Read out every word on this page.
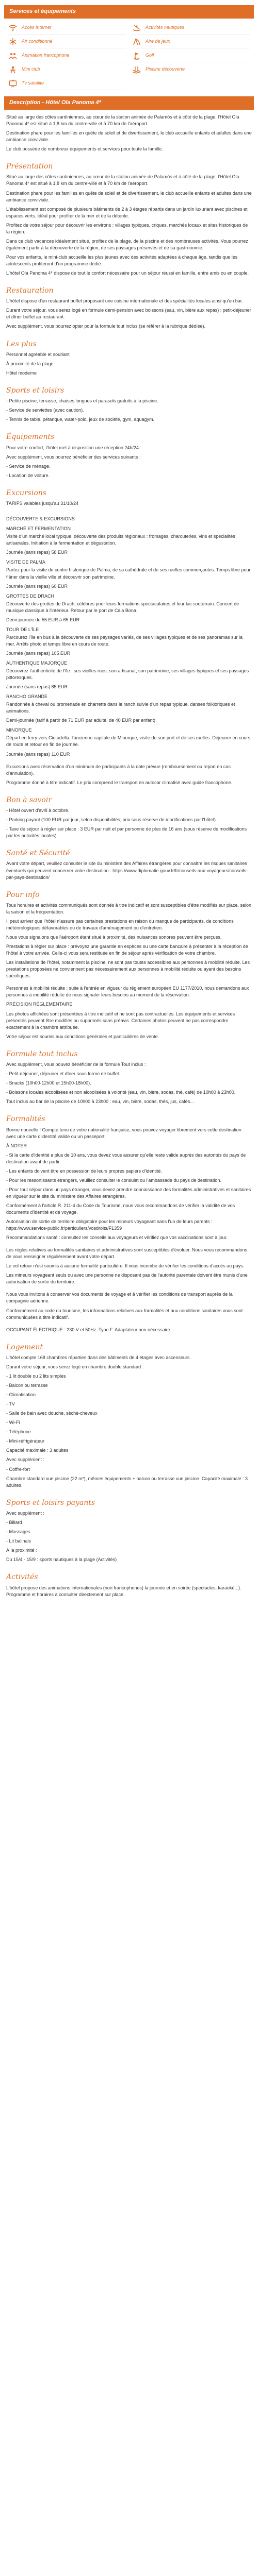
Services et équipements
Accès Internet	Activités nautiques
Air conditionné	Aire de jeux
Animation francophone	Golf
Mini club	Piscine découverte
Tv satellite
Description - Hôtel Ola Panoma 4*

Situé au large des côtes sardiniennes, au cœur de la station animée de Palamós et à côté de la plage, l'Hôtel Ola Panoma 4* est situé à 1,8 km du centre-ville et à 70 km de l'aéroport.

Destination phare pour les familles en quête de soleil et de divertissement, le club accueille enfants et adultes dans une ambiance conviviale.

Le club possède de nombreux équipements et services pour toute la famille.

Présentation

Situé au large des côtes sardiniennes, au cœur de la station animée de Palamós et à côté de la plage, l'Hôtel Ola Panoma 4* est situé à 1,8 km du centre-ville et à 70 km de l'aéroport.

Destination phare pour les familles en quête de soleil et de divertissement, le club accueille enfants et adultes dans une ambiance conviviale.

L'établissement est composé de plusieurs bâtiments de 2 à 3 étages répartis dans un jardin luxuriant avec piscines et espaces verts. Idéal pour profiter de la mer et de la détente.

Profitez de votre séjour pour découvrir les environs : villages typiques, criques, marchés locaux et sites historiques de la région.

Dans ce club vacances idéalement situé, profitez de la plage, de la piscine et des nombreuses activités. Vous pourrez également partir à la découverte de la région, de ses paysages préservés et de sa gastronomie.

Pour vos enfants, le mini-club accueille les plus jeunes avec des activités adaptées à chaque âge, tandis que les adolescents profiteront d'un programme dédié.

L'hôtel Ola Panoma 4* dispose de tout le confort nécessaire pour un séjour réussi en famille, entre amis ou en couple.

Restauration

L'hôtel dispose d'un restaurant buffet proposant une cuisine internationale et des spécialités locales ainsi qu'un bar.

Durant votre séjour, vous serez logé en formule demi-pension avec boissons (eau, vin, bière aux repas) : petit-déjeuner et dîner buffet au restaurant.

Avec supplément, vous pourrez opter pour la formule tout inclus (se référer à la rubrique dédiée).

Les plus

Personnel agréable et souriant

À proximité de la plage

Hôtel moderne

Sports et loisirs

- Petite piscine, terrasse, chaises longues et parasols gratuits à la piscine.

- Service de serviettes (avec caution).

- Tennis de table, pétanque, water-polo, jeux de société, gym, aquagym.

Équipements

Pour votre confort, l'hôtel met à disposition une réception 24h/24.

Avec supplément, vous pourrez bénéficier des services suivants :

- Service de ménage.

- Location de voiture.

Excursions

TARIFS valables jusqu'au 31/10/24

DÉCOUVERTE & EXCURSIONS
MARCHÉ ET FERMENTATION

Visite d'un marché local typique, découverte des produits régionaux : fromages, charcuteries, vins et spécialités artisanales. Initiation à la fermentation et dégustation.

Journée (sans repas) 58 EUR

VISITE DE PALMA

Partez pour la visite du centre historique de Palma, de sa cathédrale et de ses ruelles commerçantes. Temps libre pour flâner dans la vieille ville et découvrir son patrimoine.

Journée (sans repas) 60 EUR

GROTTES DE DRACH

Découverte des grottes de Drach, célèbres pour leurs formations spectaculaires et leur lac souterrain. Concert de musique classique à l'intérieur. Retour par le port de Cala Bona.

Demi-journée de 55 EUR à 65 EUR

TOUR DE L'ÎLE

Parcourez l'île en bus à la découverte de ses paysages variés, de ses villages typiques et de ses panoramas sur la mer. Arrêts photo et temps libre en cours de route.

Journée (sans repas) 105 EUR

AUTHENTIQUE MAJORQUE

Découvrez l'authenticité de l'île : ses vieilles rues, son artisanat, son patrimoine, ses villages typiques et ses paysages pittoresques.

Journée (sans repas) 85 EUR

RANCHO GRANDE

Randonnée à cheval ou promenade en charrette dans le ranch suivie d'un repas typique, danses folkloriques et animations.

Demi-journée (tarif à partir de 71 EUR par adulte, de 40 EUR par enfant)

MINORQUE

Départ en ferry vers Ciutadella, l'ancienne capitale de Minorque, visite de son port et de ses ruelles. Déjeuner en cours de route et retour en fin de journée.

Journée (sans repas) 110 EUR

Excursions avec réservation d'un minimum de participants à la date prévue (remboursement ou report en cas d'annulation).

Programme donné à titre indicatif. Le prix comprend le transport en autocar climatisé avec guide francophone.

Bon à savoir

- Hôtel ouvert d'avril à octobre.

- Parking payant (100 EUR par jour, selon disponibilités, prix sous réserve de modifications par l'hôtel).

- Taxe de séjour à régler sur place : 3 EUR par nuit et par personne de plus de 16 ans (sous réserve de modifications par les autorités locales).

Santé et Sécurité

Avant votre départ, veuillez consulter le site du ministère des Affaires étrangères pour connaître les risques sanitaires éventuels qui peuvent concerner votre destination : https://www.diplomatie.gouv.fr/fr/conseils-aux-voyageurs/conseils-par-pays-destination/

Pour info

Tous horaires et activités communiqués sont donnés à titre indicatif et sont susceptibles d'être modifiés sur place, selon la saison et la fréquentation.

Il peut arriver que l'hôtel n'assure pas certaines prestations en raison du manque de participants, de conditions météorologiques défavorables ou de travaux d'aménagement ou d'entretien.

Nous vous signalons que l'aéroport étant situé à proximité, des nuisances sonores peuvent être perçues.

Prestations à régler sur place : prévoyez une garantie en espèces ou une carte bancaire à présenter à la réception de l'hôtel à votre arrivée. Celle-ci vous sera restituée en fin de séjour après vérification de votre chambre.

Les installations de l'hôtel, notamment la piscine, ne sont pas toutes accessibles aux personnes à mobilité réduite. Les prestations proposées ne conviennent pas nécessairement aux personnes à mobilité réduite ou ayant des besoins spécifiques.

Personnes à mobilité réduite : suite à l'entrée en vigueur du règlement européen EU 1177/2010, nous demandons aux personnes à mobilité réduite de nous signaler leurs besoins au moment de la réservation.

PRÉCISION RÉGLEMENTAIRE

Les photos affichées sont présentées à titre indicatif et ne sont pas contractuelles. Les équipements et services présentés peuvent être modifiés ou supprimés sans préavis. Certaines photos peuvent ne pas correspondre exactement à la chambre attribuée.

Votre séjour est soumis aux conditions générales et particulières de vente.

Formule tout inclus

Avec supplément, vous pouvez bénéficier de la formule Tout inclus :

- Petit-déjeuner, déjeuner et dîner sous forme de buffet.

- Snacks (10h00-12h00 et 15h00-18h00).

- Boissons locales alcoolisées et non alcoolisées à volonté (eau, vin, bière, sodas, thé, café) de 10h00 à 23h00.

Tout inclus au bar de la piscine de 10h00 à 23h00 : eau, vin, bière, sodas, thés, jus, cafés...

Formalités

Bonne nouvelle ! Compte tenu de votre nationalité française, vous pouvez voyager librement vers cette destination avec une carte d'identité valide ou un passeport.

À NOTER

- Si la carte d'identité a plus de 10 ans, vous devez vous assurer qu'elle reste valide auprès des autorités du pays de destination avant de partir.

- Les enfants doivent être en possession de leurs propres papiers d'identité.

- Pour les ressortissants étrangers, veuillez consulter le consulat ou l'ambassade du pays de destination.

- Pour tout séjour dans un pays étranger, vous devez prendre connaissance des formalités administratives et sanitaires en vigueur sur le site du ministère des Affaires étrangères.

Conformément à l'article R. 211-4 du Code du Tourisme, nous vous recommandons de vérifier la validité de vos documents d'identité et de voyage.

Autorisation de sortie de territoire obligatoire pour les mineurs voyageant sans l'un de leurs parents : https://www.service-public.fr/particuliers/vosdroits/F1359

Recommandations santé : consultez les conseils aux voyageurs et vérifiez que vos vaccinations sont à jour.

Les règles relatives au formalités sanitaires et administratives sont susceptibles d'évoluer. Nous vous recommandons de vous renseigner régulièrement avant votre départ.

Le vol retour n'est soumis à aucune formalité particulière. Il vous incombe de vérifier les conditions d'accès au pays.

Les mineurs voyageant seuls ou avec une personne ne disposant pas de l'autorité parentale doivent être munis d'une autorisation de sortie du territoire.

Nous vous invitons à conserver vos documents de voyage et à vérifier les conditions de transport auprès de la compagnie aérienne.

Conformément au code du tourisme, les informations relatives aux formalités et aux conditions sanitaires vous sont communiquées à titre indicatif.

OCCUPANT ÉLECTRIQUE : 230 V et 50Hz. Type F. Adaptateur non nécessaire.

Logement

L'hôtel compte 168 chambres réparties dans des bâtiments de 4 étages avec ascenseurs.

Durant votre séjour, vous serez logé en chambre double standard :

- 1 lit double ou 2 lits simples

- Balcon ou terrasse

- Climatisation

- TV

- Salle de bain avec douche, sèche-cheveux

- Wi-Fi

- Téléphone

- Mini-réfrigérateur

Capacité maximale : 3 adultes

Avec supplément :

- Coffre-fort

Chambre standard vue piscine (22 m²), mêmes équipements + balcon ou terrasse vue piscine. Capacité maximale : 3 adultes.

Sports et loisirs payants

Avec supplément :

- Billard

- Massages

- Lit balinais

À la proximité :

Du 15/4 - 15/9 : sports nautiques à la plage (Activités)

Activités

L'hôtel propose des animations internationales (non francophones) la journée et en soirée (spectacles, karaoké...). Programme et horaires à consulter directement sur place.
